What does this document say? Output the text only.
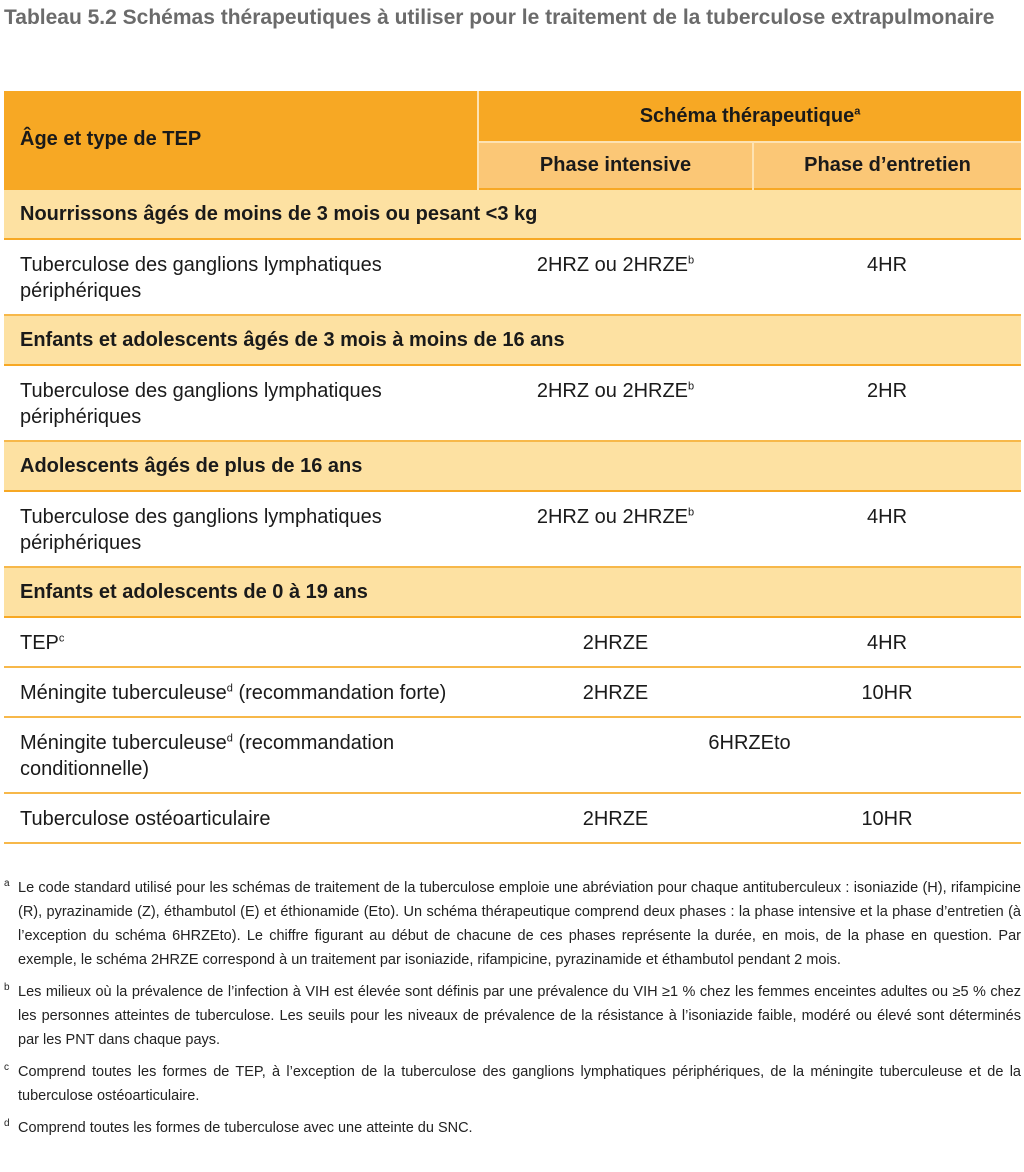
Tableau 5.2 Schémas thérapeutiques à utiliser pour le traitement de la tuberculose extrapulmonaire
Âge et type de TEP	Schéma thérapeutique$^a$
	Phase intensive	Phase d’entretien
Nourrissons âgés de moins de 3 mois ou pesant <3 kg		
Tuberculose des ganglions lymphatiques périphériques	2HRZ ou 2HRZE$^b$	4HR
Enfants et adolescents âgés de 3 mois à moins de 16 ans		
Tuberculose des ganglions lymphatiques périphériques	2HRZ ou 2HRZE$^b$	2HR
Adolescents âgés de plus de 16 ans		
Tuberculose des ganglions lymphatiques périphériques	2HRZ ou 2HRZE$^b$	4HR
Enfants et adolescents de 0 à 19 ans		
TEP$^c$	2HRZE	4HR
Méningite tuberculeuse$^d$ (recommandation forte)	2HRZE	10HR
Méningite tuberculeuse$^d$ (recommandation conditionnelle)	6HRZEto	
Tuberculose ostéoarticulaire	2HRZE	10HR
a Le code standard utilisé pour les schémas de traitement de la tuberculose emploie une abréviation pour chaque antituberculeux : isoniazide (H), rifampicine (R), pyrazinamide (Z), éthambutol (E) et éthionamide (Eto). Un schéma thérapeutique comprend deux phases : la phase intensive et la phase d’entretien (à l’exception du schéma 6HRZEto). Le chiffre figurant au début de chacune de ces phases représente la durée, en mois, de la phase en question. Par exemple, le schéma 2HRZE correspond à un traitement par isoniazide, rifampicine, pyrazinamide et éthambutol pendant 2 mois.
b Les milieux où la prévalence de l’infection à VIH est élevée sont définis par une prévalence du VIH ≥1 % chez les femmes enceintes adultes ou ≥5 % chez les personnes atteintes de tuberculose. Les seuils pour les niveaux de prévalence de la résistance à l’isoniazide faible, modéré ou élevé sont déterminés par les PNT dans chaque pays.
c Comprend toutes les formes de TEP, à l’exception de la tuberculose des ganglions lymphatiques périphériques, de la méningite tuberculeuse et de la tuberculose ostéoarticulaire.
d Comprend toutes les formes de tuberculose avec une atteinte du SNC.
